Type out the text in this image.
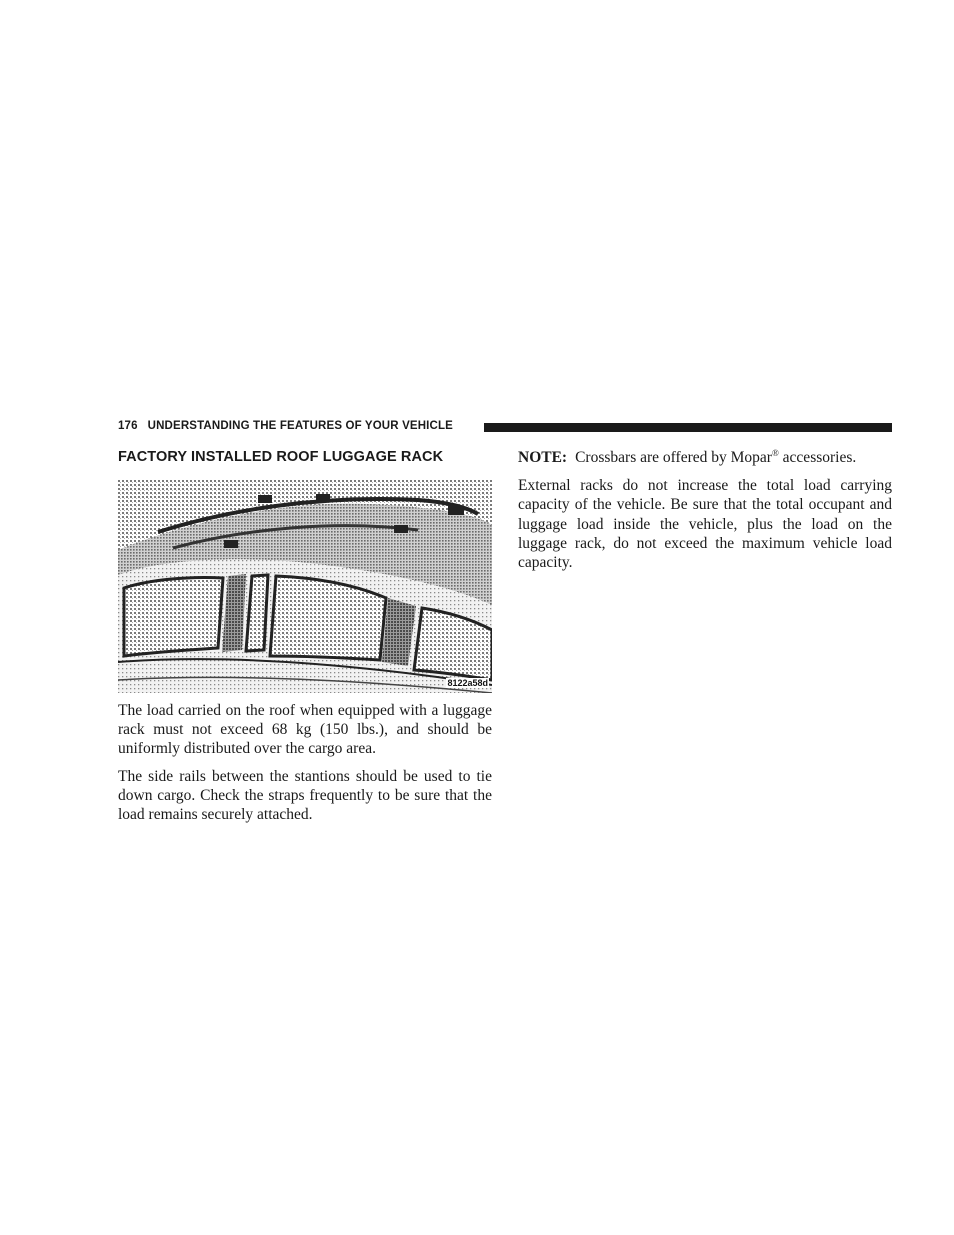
176 UNDERSTANDING THE FEATURES OF YOUR VEHICLE
FACTORY INSTALLED ROOF LUGGAGE RACK
8122a58d

The load carried on the roof when equipped with a luggage rack must not exceed 68 kg (150 lbs.), and should be uniformly distributed over the cargo area.

The side rails between the stantions should be used to tie down cargo. Check the straps frequently to be sure that the load remains securely attached.

NOTE: Crossbars are offered by Mopar® accessories.

External racks do not increase the total load carrying capacity of the vehicle. Be sure that the total occupant and luggage load inside the vehicle, plus the load on the luggage rack, do not exceed the maximum vehicle load capacity.
